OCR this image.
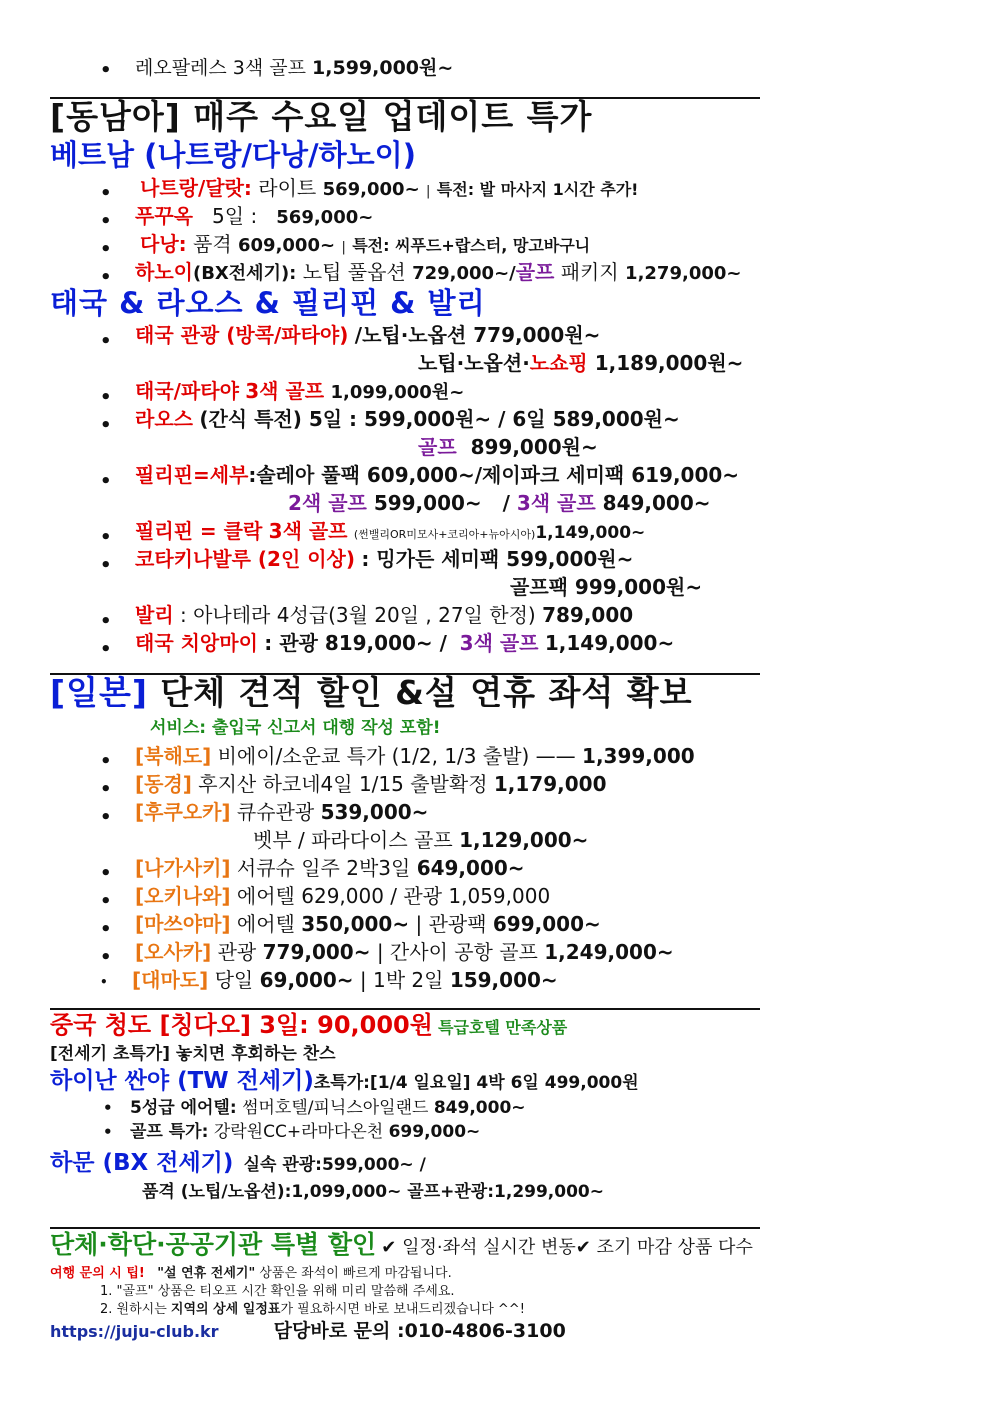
• 레오팔레스 3색 골프 1,599,000원~
[동남아] 매주 수요일 업데이트 특가
베트남 (나트랑/다낭/하노이)
• 나트랑/달랏: 라이트 569,000~ | 특전: 발 마사지 1시간 추가!
• 푸꾸옥 5일 : 569,000~
• 다낭: 품격 609,000~ | 특전: 씨푸드+랍스터, 망고바구니
• 하노이(BX전세기): 노팁 풀옵션 729,000~/골프 패키지 1,279,000~
태국 & 라오스 & 필리핀 & 발리
• 태국 관광 (방콕/파타야) /노팁·노옵션 779,000원~
노팁·노옵션·노쇼핑 1,189,000원~
• 태국/파타야 3색 골프 1,099,000원~
• 라오스 (간식 특전) 5일 : 599,000원~ / 6일 589,000원~
골프 899,000원~
• 필리핀=세부:솔레아 풀팩 609,000~/제이파크 세미팩 619,000~
2색 골프 599,000~ / 3색 골프 849,000~
• 필리핀 = 클락 3색 골프 (썬밸리OR미모사+코리아+뉴아시아)1,149,000~
• 코타키나발루 (2인 이상) : 밍가든 세미팩 599,000원~
골프팩 999,000원~
• 발리 : 아나테라 4성급(3월 20일 , 27일 한정) 789,000
• 태국 치앙마이 : 관광 819,000~ / 3색 골프 1,149,000~
[일본] 단체 견적 할인 &설 연휴 좌석 확보
서비스: 출입국 신고서 대행 작성 포함!
• [북해도] 비에이/소운쿄 특가 (1/2, 1/3 출발) —— 1,399,000
• [동경] 후지산 하코네4일 1/15 출발확정 1,179,000
• [후쿠오카] 큐슈관광 539,000~
벳부 / 파라다이스 골프 1,129,000~
• [나가사키] 서큐슈 일주 2박3일 649,000~
• [오키나와] 에어텔 629,000 / 관광 1,059,000
• [마쓰야마] 에어텔 350,000~ | 관광팩 699,000~
• [오사카] 관광 779,000~ | 간사이 공항 골프 1,249,000~
• [대마도] 당일 69,000~ | 1박 2일 159,000~
중국 청도 [칭다오] 3일: 90,000원 특급호텔 만족상품
[전세기 초특가] 놓치면 후회하는 찬스
하이난 싼야 (TW 전세기)초특가:[1/4 일요일] 4박 6일 499,000원
• 5성급 에어텔: 썸머호텔/피닉스아일랜드 849,000~
• 골프 특가: 강락원CC+라마다온천 699,000~
하문 (BX 전세기) 실속 관광:599,000~ /
품격 (노팁/노옵션):1,099,000~ 골프+관광:1,299,000~
단체·학단·공공기관 특별 할인 ✔ 일정·좌석 실시간 변동✔ 조기 마감 상품 다수
여행 문의 시 팁! "설 연휴 전세기" 상품은 좌석이 빠르게 마감됩니다.
1. "골프" 상품은 티오프 시간 확인을 위해 미리 말씀해 주세요.
2. 원하시는 지역의 상세 일정표가 필요하시면 바로 보내드리겠습니다 ^^!
https://juju-club.kr	담당바로 문의 :010-4806-3100
